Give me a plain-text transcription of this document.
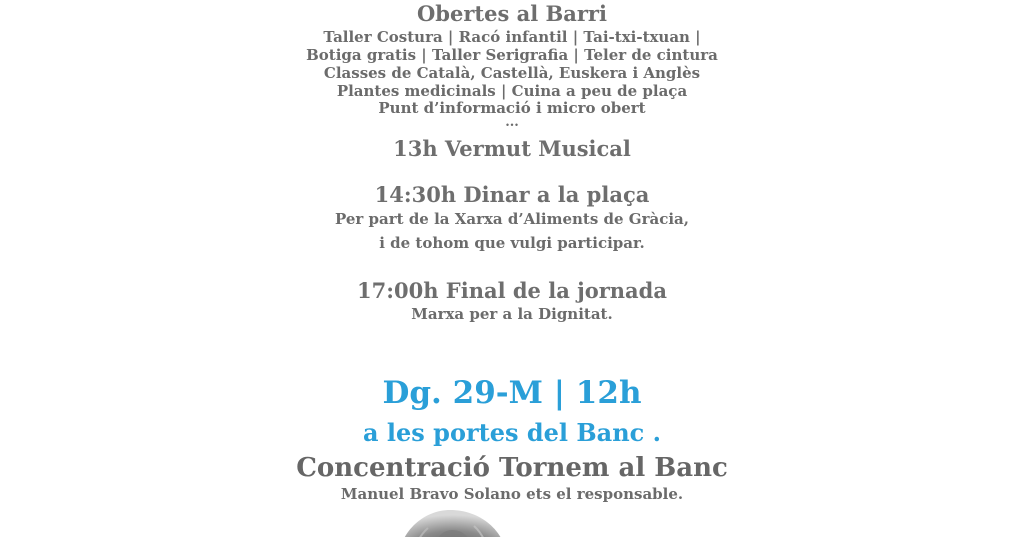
Obertes al Barri
Taller Costura | Racó infantil | Tai-txi-txuan |
Botiga gratis | Taller Serigrafia | Teler de cintura
Classes de Català, Castellà, Euskera i Anglès
Plantes medicinals | Cuina a peu de plaça
Punt d’informació i micro obert
...
13h Vermut Musical
14:30h Dinar a la plaça
Per part de la Xarxa d’Aliments de Gràcia,
i de tohom que vulgi participar.
17:00h Final de la jornada
Marxa per a la Dignitat.
Dg. 29-M | 12h
a les portes del Banc .
Concentració Tornem al Banc
Manuel Bravo Solano ets el responsable.
